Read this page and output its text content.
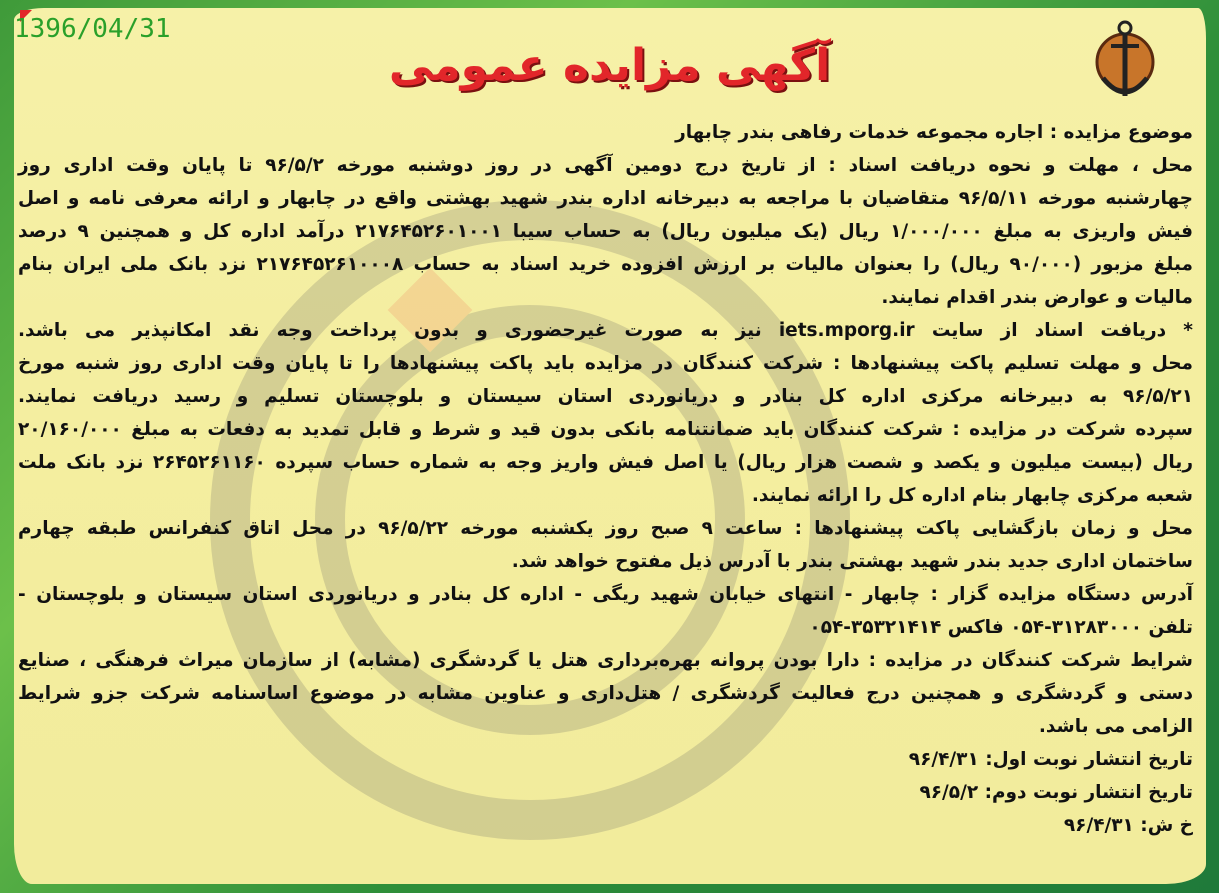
1396/04/31
آگهی مزایده عمومی
موضوع مزایده : اجاره مجموعه خدمات رفاهی بندر چابهار
محل ، مهلت و نحوه دریافت اسناد : از تاریخ درج دومین آگهی در روز دوشنبه مورخه ۹۶/۵/۲ تا پایان وقت اداری روز
چهارشنبه مورخه ۹۶/۵/۱۱ متقاضیان با مراجعه به دبیرخانه اداره بندر شهید بهشتی واقع در چابهار و ارائه معرفی نامه و اصل
فیش واریزی به مبلغ ۱/۰۰۰/۰۰۰ ریال (یک میلیون ریال) به حساب سیبا ۲۱۷۶۴۵۲۶۰۱۰۰۱ درآمد اداره کل و همچنین ۹ درصد
مبلغ مزبور (۹۰/۰۰۰ ریال) را بعنوان مالیات بر ارزش افزوده خرید اسناد به حساب ۲۱۷۶۴۵۲۶۱۰۰۰۸ نزد بانک ملی ایران بنام
مالیات و عوارض بندر اقدام نمایند.
* دریافت اسناد از سایت iets.mporg.ir نیز به صورت غیرحضوری و بدون پرداخت وجه نقد امکانپذیر می باشد.
محل و مهلت تسلیم پاکت پیشنهادها : شرکت کنندگان در مزایده باید پاکت پیشنهادها را تا پایان وقت اداری روز شنبه مورخ
۹۶/۵/۲۱ به دبیرخانه مرکزی اداره کل بنادر و دریانوردی استان سیستان و بلوچستان تسلیم و رسید دریافت نمایند.
سپرده شرکت در مزایده : شرکت کنندگان باید ضمانتنامه بانکی بدون قید و شرط و قابل تمدید به دفعات به مبلغ ۲۰/۱۶۰/۰۰۰
ریال (بیست میلیون و یکصد و شصت هزار ریال) یا اصل فیش واریز وجه به شماره حساب سپرده ۲۶۴۵۲۶۱۱۶۰ نزد بانک ملت
شعبه مرکزی چابهار بنام اداره کل را ارائه نمایند.
محل و زمان بازگشایی پاکت پیشنهادها : ساعت ۹ صبح روز یکشنبه مورخه ۹۶/۵/۲۲ در محل اتاق کنفرانس طبقه چهارم
ساختمان اداری جدید بندر شهید بهشتی بندر با آدرس ذیل مفتوح خواهد شد.
آدرس دستگاه مزایده گزار : چابهار - انتهای خیابان شهید ریگی - اداره کل بنادر و دریانوردی استان سیستان و بلوچستان -
تلفن ۳۱۲۸۳۰۰۰-۰۵۴ فاکس ۳۵۳۲۱۴۱۴-۰۵۴
شرایط شرکت کنندگان در مزایده : دارا بودن پروانه بهره‌برداری هتل یا گردشگری (مشابه) از سازمان میراث فرهنگی ، صنایع
دستی و گردشگری و همچنین درج فعالیت گردشگری / هتل‌داری و عناوین مشابه در موضوع اساسنامه شرکت جزو شرایط
الزامی می باشد.
تاریخ انتشار نوبت اول: ۹۶/۴/۳۱
تاریخ انتشار نوبت دوم: ۹۶/۵/۲
خ ش: ۹۶/۴/۳۱
